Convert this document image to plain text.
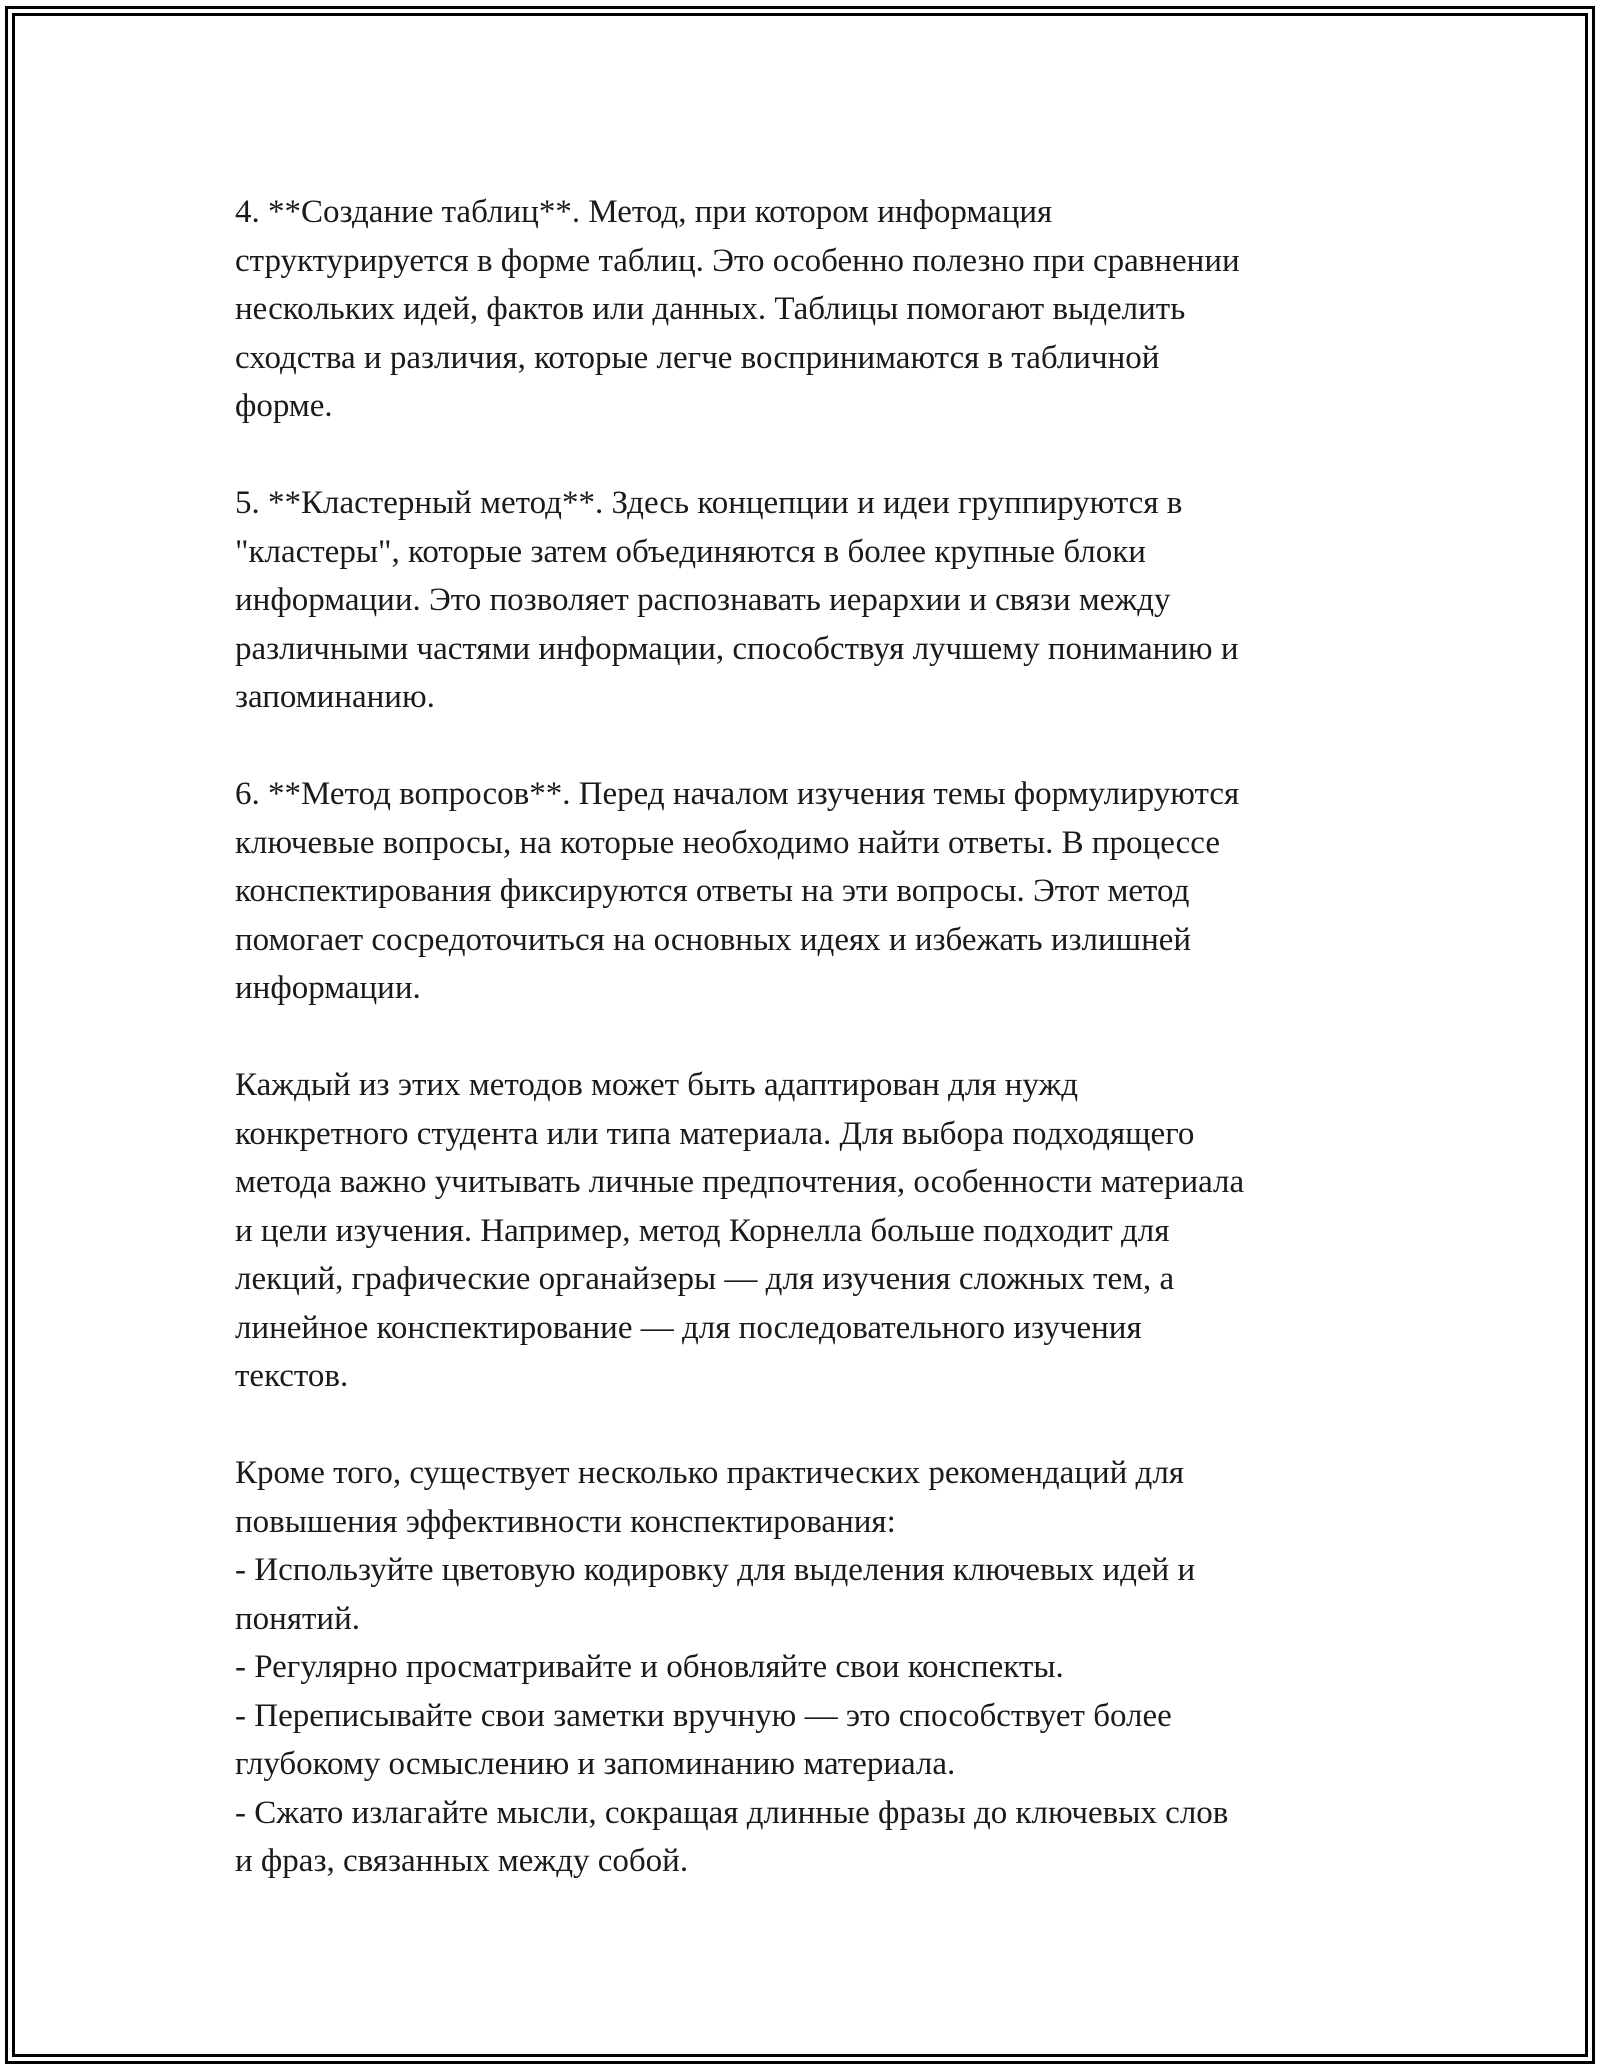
4. **Создание таблиц**. Метод, при котором информация
структурируется в форме таблиц. Это особенно полезно при сравнении
нескольких идей, фактов или данных. Таблицы помогают выделить
сходства и различия, которые легче воспринимаются в табличной
форме.

5. **Кластерный метод**. Здесь концепции и идеи группируются в
"кластеры", которые затем объединяются в более крупные блоки
информации. Это позволяет распознавать иерархии и связи между
различными частями информации, способствуя лучшему пониманию и
запоминанию.

6. **Метод вопросов**. Перед началом изучения темы формулируются
ключевые вопросы, на которые необходимо найти ответы. В процессе
конспектирования фиксируются ответы на эти вопросы. Этот метод
помогает сосредоточиться на основных идеях и избежать излишней
информации.

Каждый из этих методов может быть адаптирован для нужд
конкретного студента или типа материала. Для выбора подходящего
метода важно учитывать личные предпочтения, особенности материала
и цели изучения. Например, метод Корнелла больше подходит для
лекций, графические органайзеры — для изучения сложных тем, а
линейное конспектирование — для последовательного изучения
текстов.

Кроме того, существует несколько практических рекомендаций для
повышения эффективности конспектирования:
- Используйте цветовую кодировку для выделения ключевых идей и
понятий.
- Регулярно просматривайте и обновляйте свои конспекты.
- Переписывайте свои заметки вручную — это способствует более
глубокому осмыслению и запоминанию материала.
- Сжато излагайте мысли, сокращая длинные фразы до ключевых слов
и фраз, связанных между собой.
